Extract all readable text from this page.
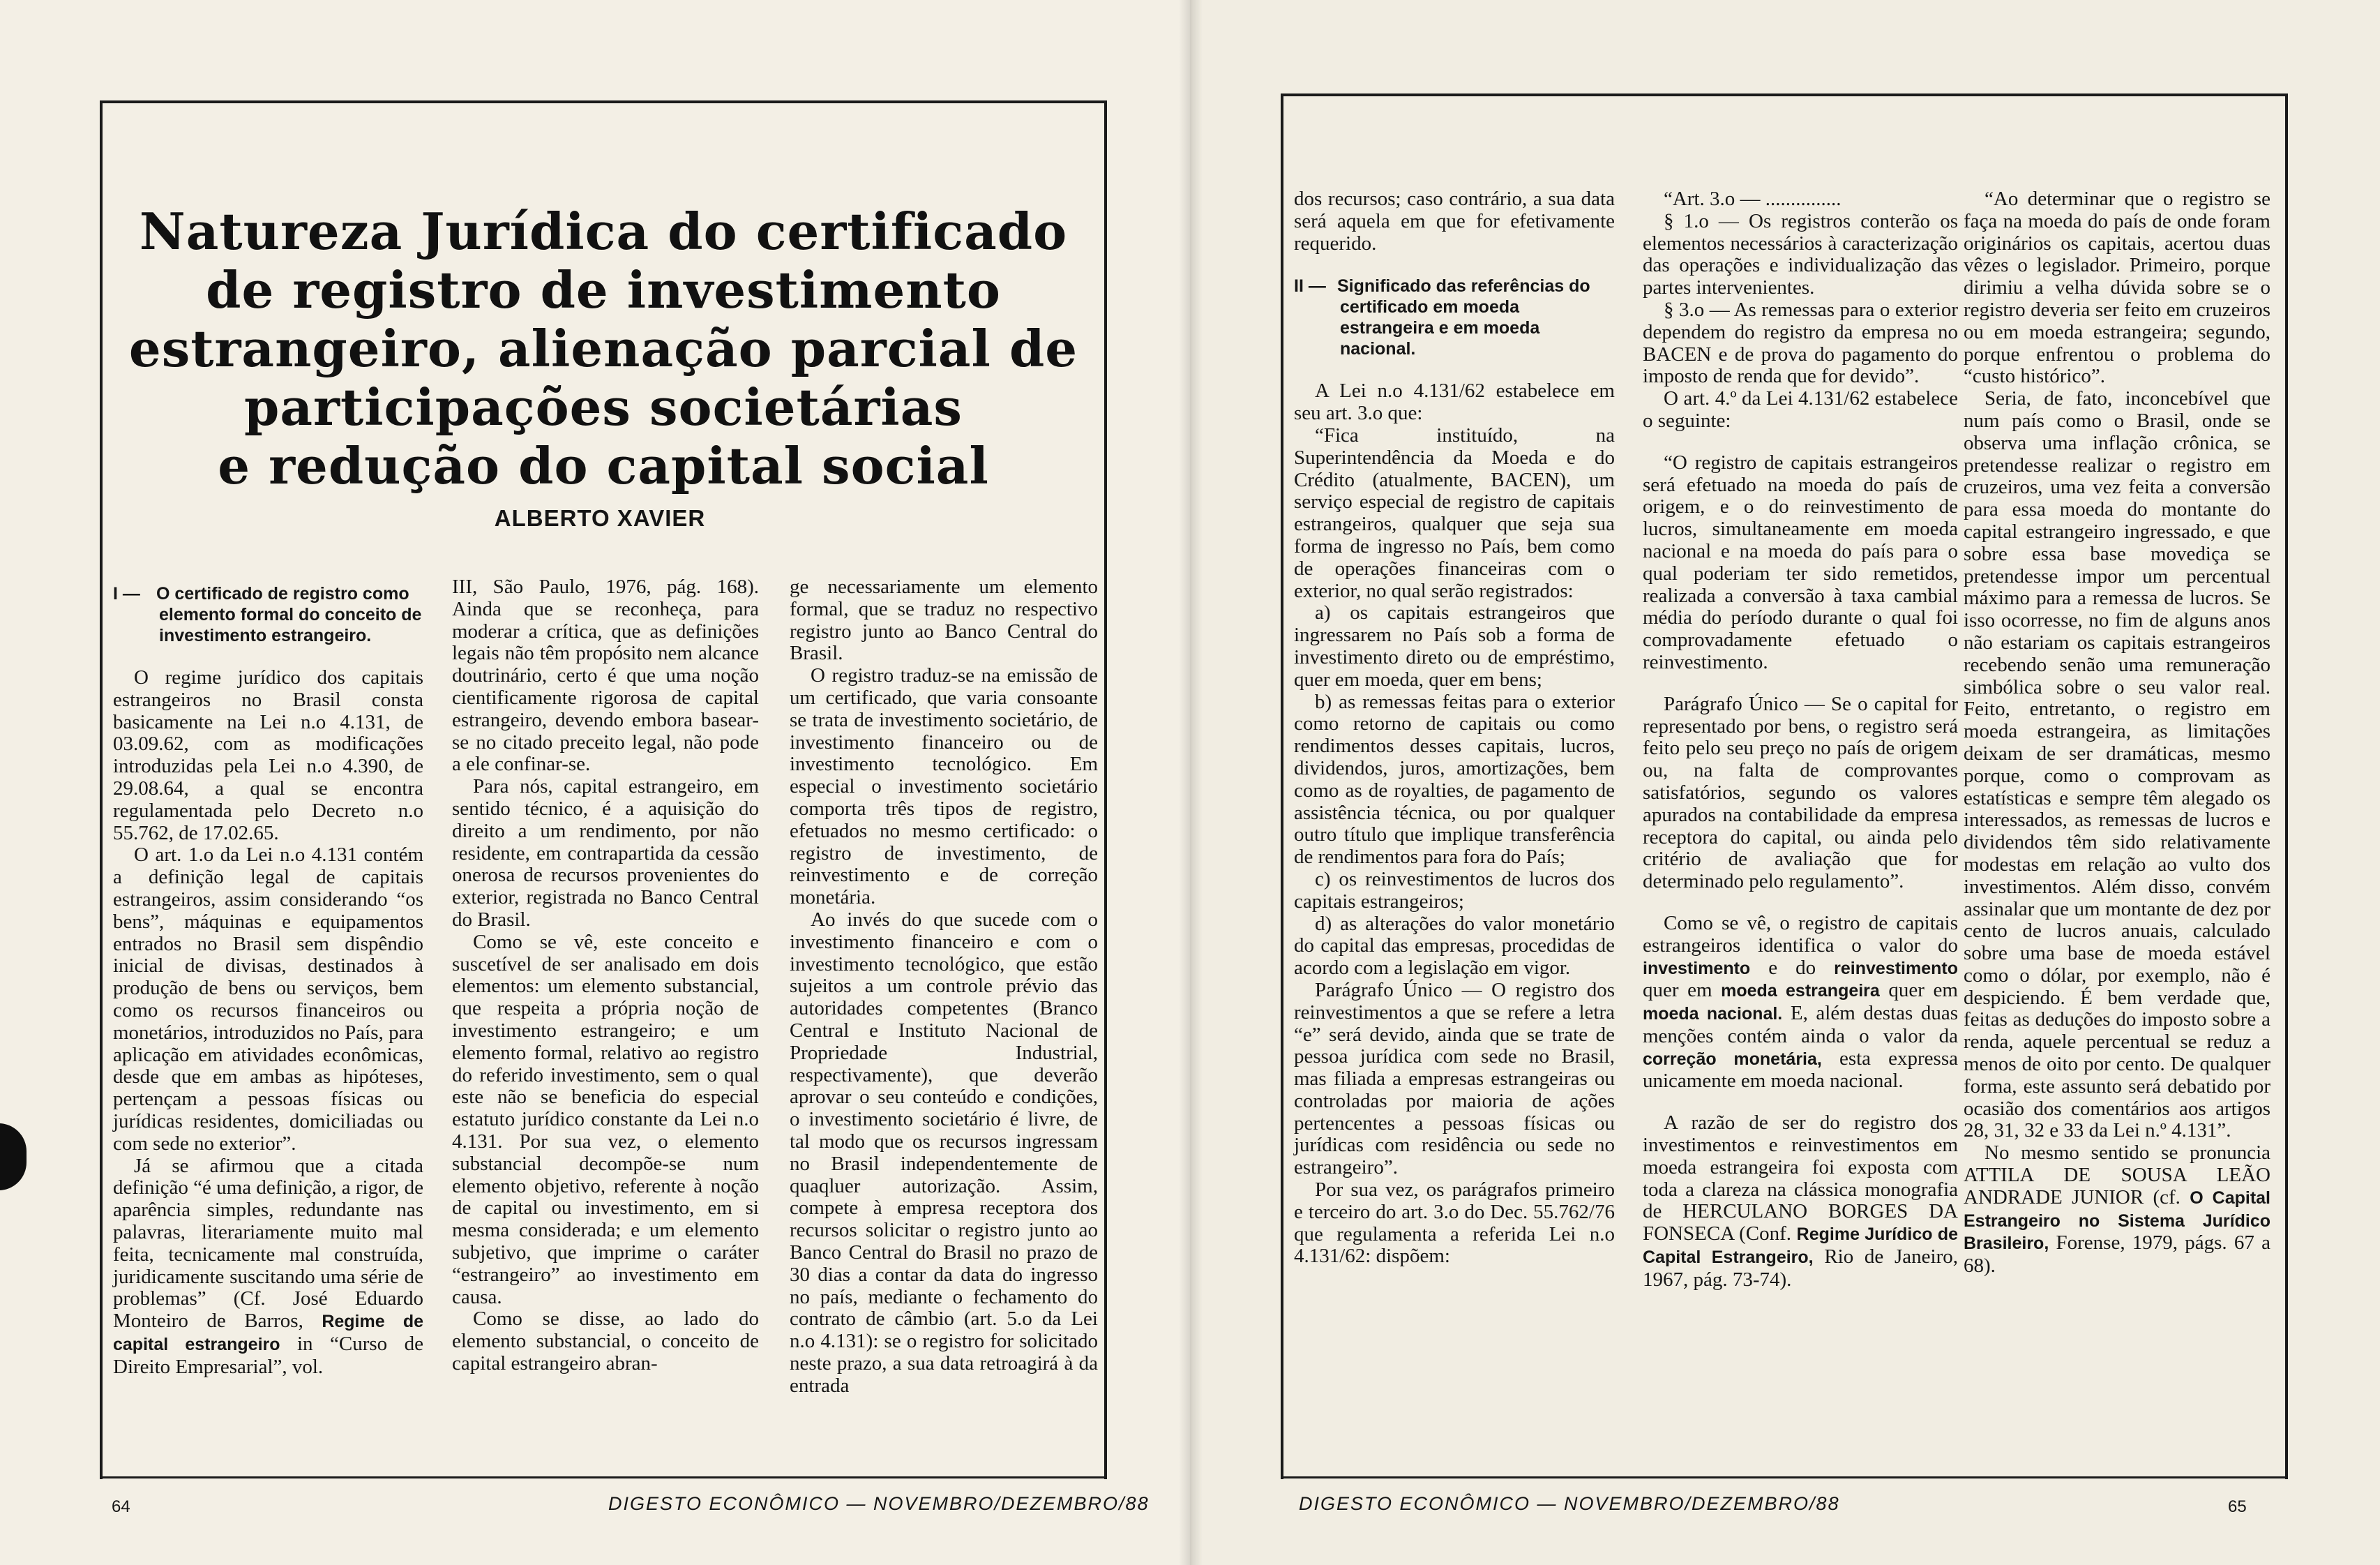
Natureza Jurídica do certificado
de registro de investimento
estrangeiro, alienação parcial de
participações societárias
e redução do capital social
ALBERTO XAVIER
I — O certificado de registro como elemento formal do conceito de investimento estrangeiro.

O regime jurídico dos capitais estrangeiros no Brasil consta basicamente na Lei n.o 4.131, de 03.09.62, com as modificações introduzidas pela Lei n.o 4.390, de 29.08.64, a qual se encontra regulamentada pelo Decreto n.o 55.762, de 17.02.65.

O art. 1.o da Lei n.o 4.131 contém a definição legal de capitais estrangeiros, assim considerando “os bens”, máquinas e equipamentos entrados no Brasil sem dispêndio inicial de divisas, destinados à produção de bens ou serviços, bem como os recursos financeiros ou monetários, introduzidos no País, para aplicação em atividades econômicas, desde que em ambas as hipóteses, pertençam a pessoas físicas ou jurídicas residentes, domiciliadas ou com sede no exterior”.

Já se afirmou que a citada definição “é uma definição, a rigor, de aparência simples, redundante nas palavras, literariamente muito mal feita, tecnicamente mal construída, juridicamente suscitando uma série de problemas” (Cf. José Eduardo Monteiro de Barros, Regime de capital estrangeiro in “Curso de Direito Empresarial”, vol.

III, São Paulo, 1976, pág. 168). Ainda que se reconheça, para moderar a crítica, que as definições legais não têm propósito nem alcance doutrinário, certo é que uma noção cientificamente rigorosa de capital estrangeiro, devendo embora basear-se no citado preceito legal, não pode a ele confinar-se.

Para nós, capital estrangeiro, em sentido técnico, é a aquisição do direito a um rendimento, por não residente, em contrapartida da cessão onerosa de recursos provenientes do exterior, registrada no Banco Central do Brasil.

Como se vê, este conceito e suscetível de ser analisado em dois elementos: um elemento substancial, que respeita a própria noção de investimento estrangeiro; e um elemento formal, relativo ao registro do referido investimento, sem o qual este não se beneficia do especial estatuto jurídico constante da Lei n.o 4.131. Por sua vez, o elemento substancial decompõe-se num elemento objetivo, referente à noção de capital ou investimento, em si mesma considerada; e um elemento subjetivo, que imprime o caráter “estrangeiro” ao investimento em causa.

Como se disse, ao lado do elemento substancial, o conceito de capital estrangeiro abran-

ge necessariamente um elemento formal, que se traduz no respectivo registro junto ao Banco Central do Brasil.

O registro traduz-se na emissão de um certificado, que varia consoante se trata de investimento societário, de investimento financeiro ou de investimento tecnológico. Em especial o investimento societário comporta três tipos de registro, efetuados no mesmo certificado: o registro de investimento, de reinvestimento e de correção monetária.

Ao invés do que sucede com o investimento financeiro e com o investimento tecnológico, que estão sujeitos a um controle prévio das autoridades competentes (Branco Central e Instituto Nacional de Propriedade Industrial, respectivamente), que deverão aprovar o seu conteúdo e condições, o investimento societário é livre, de tal modo que os recursos ingressam no Brasil independentemente de quaqluer autorização. Assim, compete à empresa receptora dos recursos solicitar o registro junto ao Banco Central do Brasil no prazo de 30 dias a contar da data do ingresso no país, mediante o fechamento do contrato de câmbio (art. 5.o da Lei n.o 4.131): se o registro for solicitado neste prazo, a sua data retroagirá à da entrada

64	DIGESTO ECONÔMICO — NOVEMBRO/DEZEMBRO/88

dos recursos; caso contrário, a sua data será aquela em que for efetivamente requerido.

II — Significado das referências do certificado em moeda estrangeira e em moeda nacional.

A Lei n.o 4.131/62 estabelece em seu art. 3.o que:

“Fica instituído, na Superintendência da Moeda e do Crédito (atualmente, BACEN), um serviço especial de registro de capitais estrangeiros, qualquer que seja sua forma de ingresso no País, bem como de operações financeiras com o exterior, no qual serão registrados:

a) os capitais estrangeiros que ingressarem no País sob a forma de investimento direto ou de empréstimo, quer em moeda, quer em bens;

b) as remessas feitas para o exterior como retorno de capitais ou como rendimentos desses capitais, lucros, dividendos, juros, amortizações, bem como as de royalties, de pagamento de assistência técnica, ou por qualquer outro título que implique transferência de rendimentos para fora do País;

c) os reinvestimentos de lucros dos capitais estrangeiros;

d) as alterações do valor monetário do capital das empresas, procedidas de acordo com a legislação em vigor.

Parágrafo Único — O registro dos reinvestimentos a que se refere a letra “e” será devido, ainda que se trate de pessoa jurídica com sede no Brasil, mas filiada a empresas estrangeiras ou controladas por maioria de ações pertencentes a pessoas físicas ou jurídicas com residência ou sede no estrangeiro”.

Por sua vez, os parágrafos primeiro e terceiro do art. 3.o do Dec. 55.762/76 que regulamenta a referida Lei n.o 4.131/62: dispõem:

“Art. 3.o — ...............

§ 1.o — Os registros conterão os elementos necessários à caracterização das operações e individualização das partes intervenientes.

§ 3.o — As remessas para o exterior dependem do registro da empresa no BACEN e de prova do pagamento do imposto de renda que for devido”.

O art. 4.º da Lei 4.131/62 estabelece o seguinte:

“O registro de capitais estrangeiros será efetuado na moeda do país de origem, e o do reinvestimento de lucros, simultaneamente em moeda nacional e na moeda do país para o qual poderiam ter sido remetidos, realizada a conversão à taxa cambial média do período durante o qual foi comprovadamente efetuado o reinvestimento.

Parágrafo Único — Se o capital for representado por bens, o registro será feito pelo seu preço no país de origem ou, na falta de comprovantes satisfatórios, segundo os valores apurados na contabilidade da empresa receptora do capital, ou ainda pelo critério de avaliação que for determinado pelo regulamento”.

Como se vê, o registro de capitais estrangeiros identifica o valor do investimento e do reinvestimento quer em moeda estrangeira quer em moeda nacional. E, além destas duas menções contém ainda o valor da correção monetária, esta expressa unicamente em moeda nacional.

A razão de ser do registro dos investimentos e reinvestimentos em moeda estrangeira foi exposta com toda a clareza na clássica monografia de HERCULANO BORGES DA FONSECA (Conf. Regime Jurídico de Capital Estrangeiro, Rio de Janeiro, 1967, pág. 73-74).

“Ao determinar que o registro se faça na moeda do país de onde foram originários os capitais, acertou duas vêzes o legislador. Primeiro, porque dirimiu a velha dúvida sobre se o registro deveria ser feito em cruzeiros ou em moeda estrangeira; segundo, porque enfrentou o problema do “custo histórico”.

Seria, de fato, inconcebível que num país como o Brasil, onde se observa uma inflação crônica, se pretendesse realizar o registro em cruzeiros, uma vez feita a conversão para essa moeda do montante do capital estrangeiro ingressado, e que sobre essa base movediça se pretendesse impor um percentual máximo para a remessa de lucros. Se isso ocorresse, no fim de alguns anos não estariam os capitais estrangeiros recebendo senão uma remuneração simbólica sobre o seu valor real. Feito, entretanto, o registro em moeda estrangeira, as limitações deixam de ser dramáticas, mesmo porque, como o comprovam as estatísticas e sempre têm alegado os interessados, as remessas de lucros e dividendos têm sido relativamente modestas em relação ao vulto dos investimentos. Além disso, convém assinalar que um montante de dez por cento de lucros anuais, calculado sobre uma base de moeda estável como o dólar, por exemplo, não é despiciendo. É bem verdade que, feitas as deduções do imposto sobre a renda, aquele percentual se reduz a menos de oito por cento. De qualquer forma, este assunto será debatido por ocasião dos comentários aos artigos 28, 31, 32 e 33 da Lei n.º 4.131”.

No mesmo sentido se pronuncia ATTILA DE SOUSA LEÃO ANDRADE JUNIOR (cf. O Capital Estrangeiro no Sistema Jurídico Brasileiro, Forense, 1979, págs. 67 a 68).

DIGESTO ECONÔMICO — NOVEMBRO/DEZEMBRO/88	65
